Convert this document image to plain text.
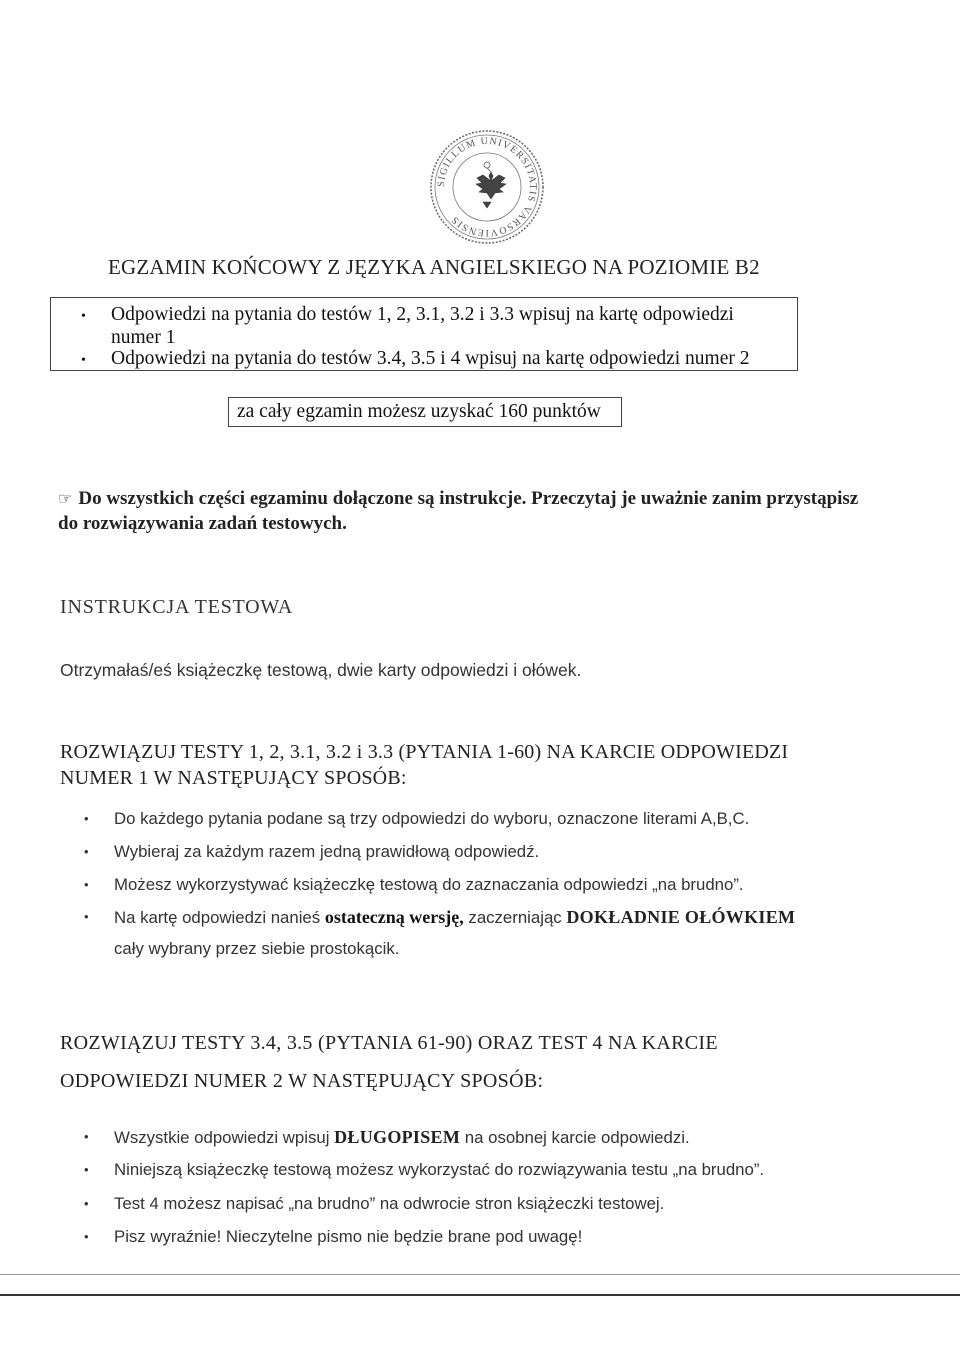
SIGILLUM UNIVERSITATIS VARSOVIENSIS
EGZAMIN KOŃCOWY Z JĘZYKA ANGIELSKIEGO NA POZIOMIE B2
• Odpowiedzi na pytania do testów 1, 2, 3.1, 3.2 i 3.3 wpisuj na kartę odpowiedzi
numer 1
• Odpowiedzi na pytania do testów 3.4, 3.5 i 4 wpisuj na kartę odpowiedzi numer 2
za cały egzamin możesz uzyskać 160 punktów
☞ Do wszystkich części egzaminu dołączone są instrukcje. Przeczytaj je uważnie zanim przystąpisz do rozwiązywania zadań testowych.
INSTRUKCJA TESTOWA
Otrzymałaś/eś książeczkę testową, dwie karty odpowiedzi i ołówek.
ROZWIĄZUJ TESTY 1, 2, 3.1, 3.2 i 3.3 (PYTANIA 1-60) NA KARCIE ODPOWIEDZI NUMER 1 W NASTĘPUJĄCY SPOSÓB:
• Do każdego pytania podane są trzy odpowiedzi do wyboru, oznaczone literami A,B,C.
• Wybieraj za każdym razem jedną prawidłową odpowiedź.
• Możesz wykorzystywać książeczkę testową do zaznaczania odpowiedzi „na brudno”.
• Na kartę odpowiedzi nanieś ostateczną wersję, zaczerniając DOKŁADNIE OŁÓWKIEM
cały wybrany przez siebie prostokącik.
ROZWIĄZUJ TESTY 3.4, 3.5 (PYTANIA 61-90) ORAZ TEST 4 NA KARCIE
ODPOWIEDZI NUMER 2 W NASTĘPUJĄCY SPOSÓB:
• Wszystkie odpowiedzi wpisuj DŁUGOPISEM na osobnej karcie odpowiedzi.
• Niniejszą książeczkę testową możesz wykorzystać do rozwiązywania testu „na brudno”.
• Test 4 możesz napisać „na brudno” na odwrocie stron książeczki testowej.
• Pisz wyraźnie! Nieczytelne pismo nie będzie brane pod uwagę!
